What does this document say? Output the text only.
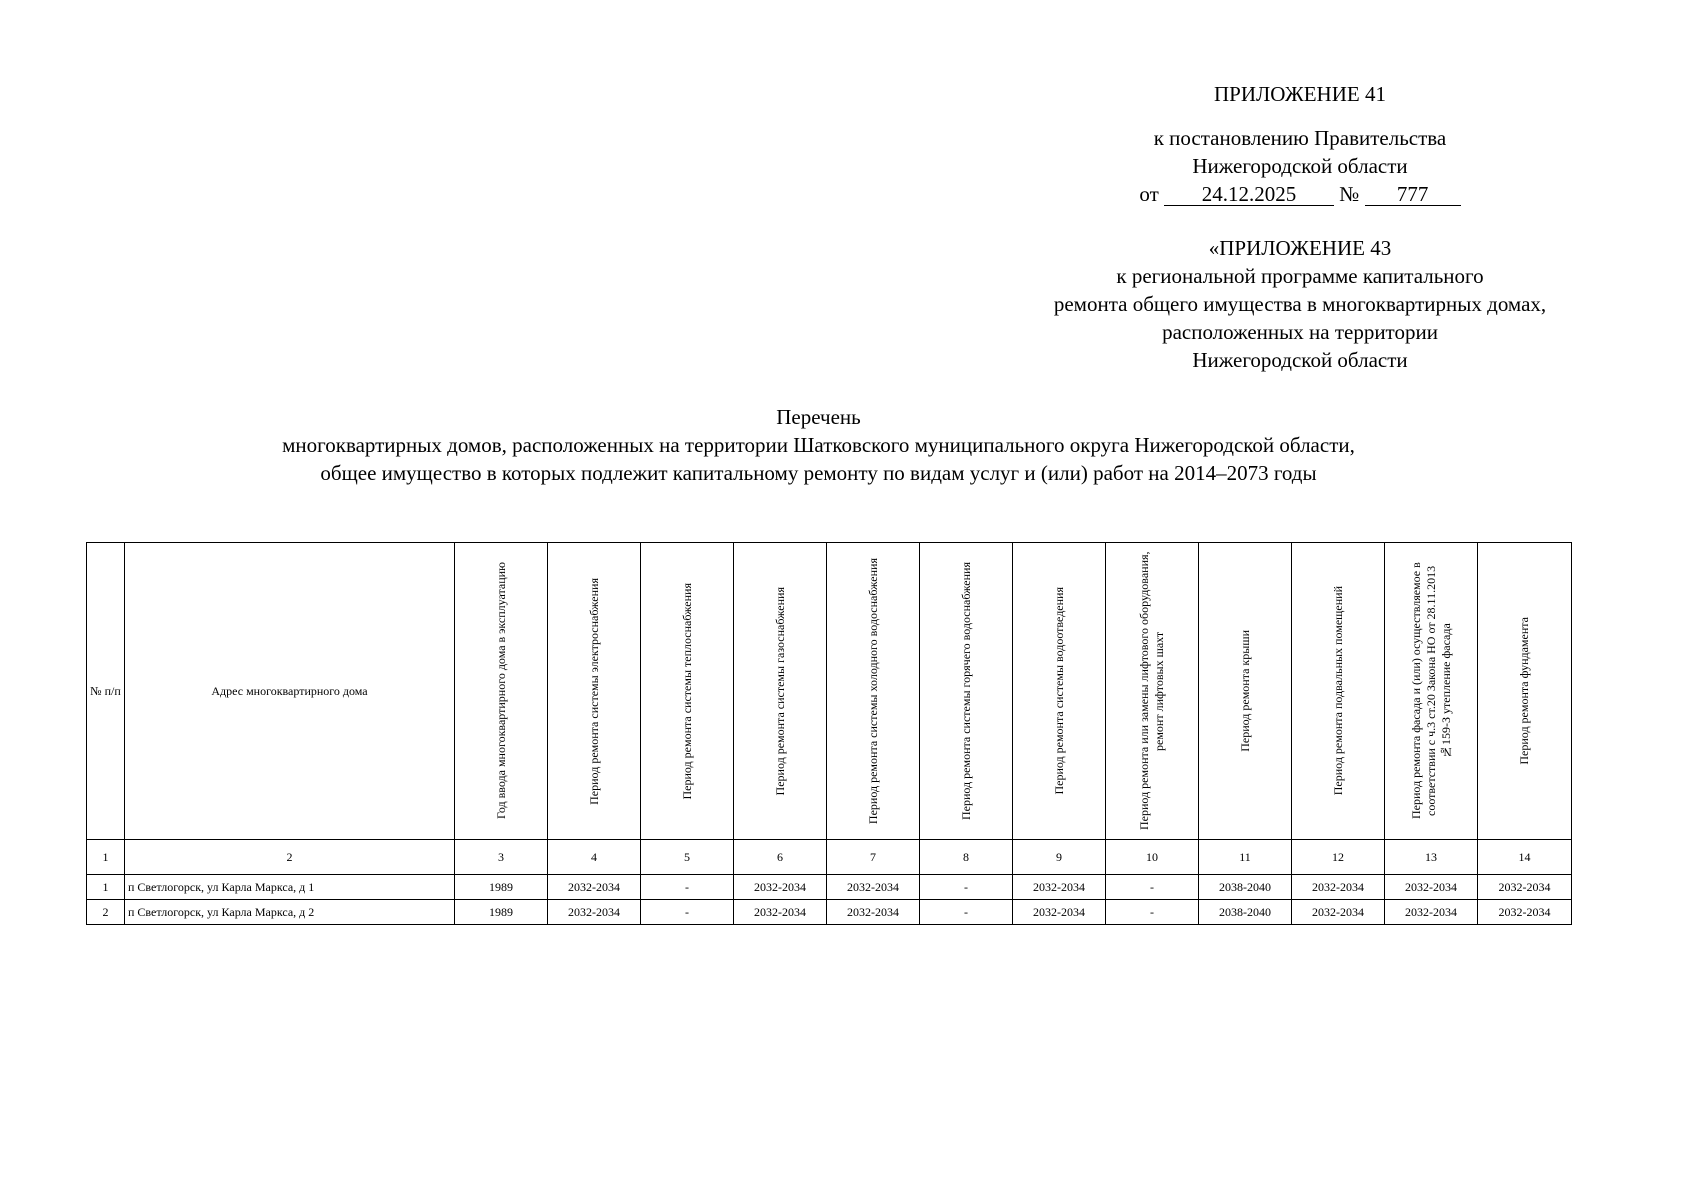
ПРИЛОЖЕНИЕ 41
к постановлению Правительства
Нижегородской области
от 24.12.2025 № 777
«ПРИЛОЖЕНИЕ 43
к региональной программе капитального
ремонта общего имущества в многоквартирных домах,
расположенных на территории
Нижегородской области
Перечень
многоквартирных домов, расположенных на территории Шатковского муниципального округа Нижегородской области,
общее имущество в которых подлежит капитальному ремонту по видам услуг и (или) работ на 2014–2073 годы
№ п/п	Адрес многоквартирного дома	Год ввода многоквартирного дома в эксплуатацию	Период ремонта системы электроснабжения	Период ремонта системы теплоснабжения	Период ремонта системы газоснабжения	Период ремонта системы холодного водоснабжения	Период ремонта системы горячего водоснабжения	Период ремонта системы водоотведения	Период ремонта или замены лифтового оборудования, ремонт лифтовых шахт	Период ремонта крыши	Период ремонта подвальных помещений	Период ремонта фасада и (или) осуществляемое в соответствии с ч.3 ст.20 Закона НО от 28.11.2013 №159-З утепление фасада	Период ремонта фундамента

1	2	3	4	5	6	7	8	9	10	11	12	13	14
1	п Светлогорск, ул Карла Маркса, д 1	1989	2032-2034	-	2032-2034	2032-2034	-	2032-2034	-	2038-2040	2032-2034	2032-2034	2032-2034
2	п Светлогорск, ул Карла Маркса, д 2	1989	2032-2034	-	2032-2034	2032-2034	-	2032-2034	-	2038-2040	2032-2034	2032-2034	2032-2034
